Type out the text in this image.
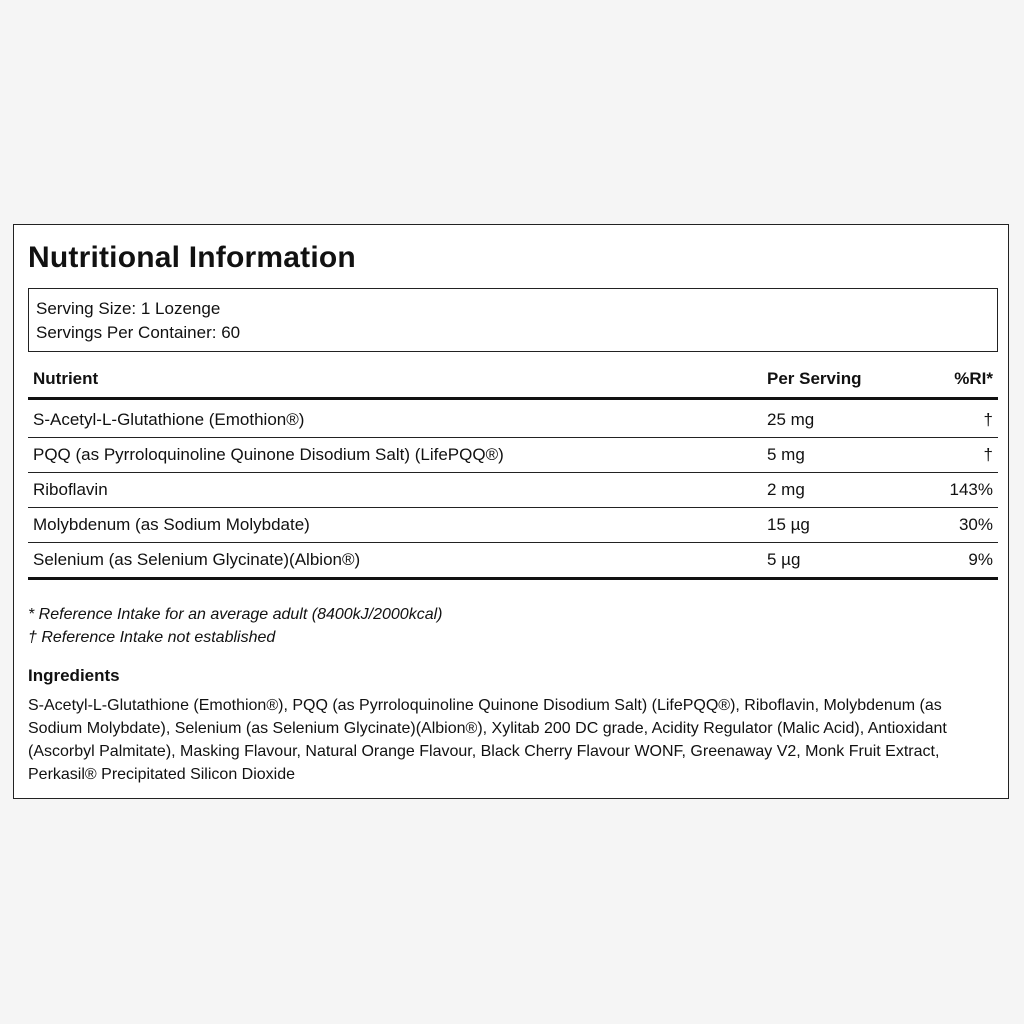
Nutritional Information
Serving Size: 1 Lozenge
Servings Per Container: 60
Nutrient	Per Serving	%RI*
S-Acetyl-L-Glutathione (Emothion®)	25 mg	†
PQQ (as Pyrroloquinoline Quinone Disodium Salt) (LifePQQ®)	5 mg	†
Riboflavin	2 mg	143%
Molybdenum (as Sodium Molybdate)	15 µg	30%
Selenium (as Selenium Glycinate)(Albion®)	5 µg	9%
* Reference Intake for an average adult (8400kJ/2000kcal)
† Reference Intake not established
Ingredients
S-Acetyl-L-Glutathione (Emothion®), PQQ (as Pyrroloquinoline Quinone Disodium Salt) (LifePQQ®), Riboflavin, Molybdenum (as Sodium Molybdate), Selenium (as Selenium Glycinate)(Albion®), Xylitab 200 DC grade, Acidity Regulator (Malic Acid), Antioxidant (Ascorbyl Palmitate), Masking Flavour, Natural Orange Flavour, Black Cherry Flavour WONF, Greenaway V2, Monk Fruit Extract, Perkasil® Precipitated Silicon Dioxide
